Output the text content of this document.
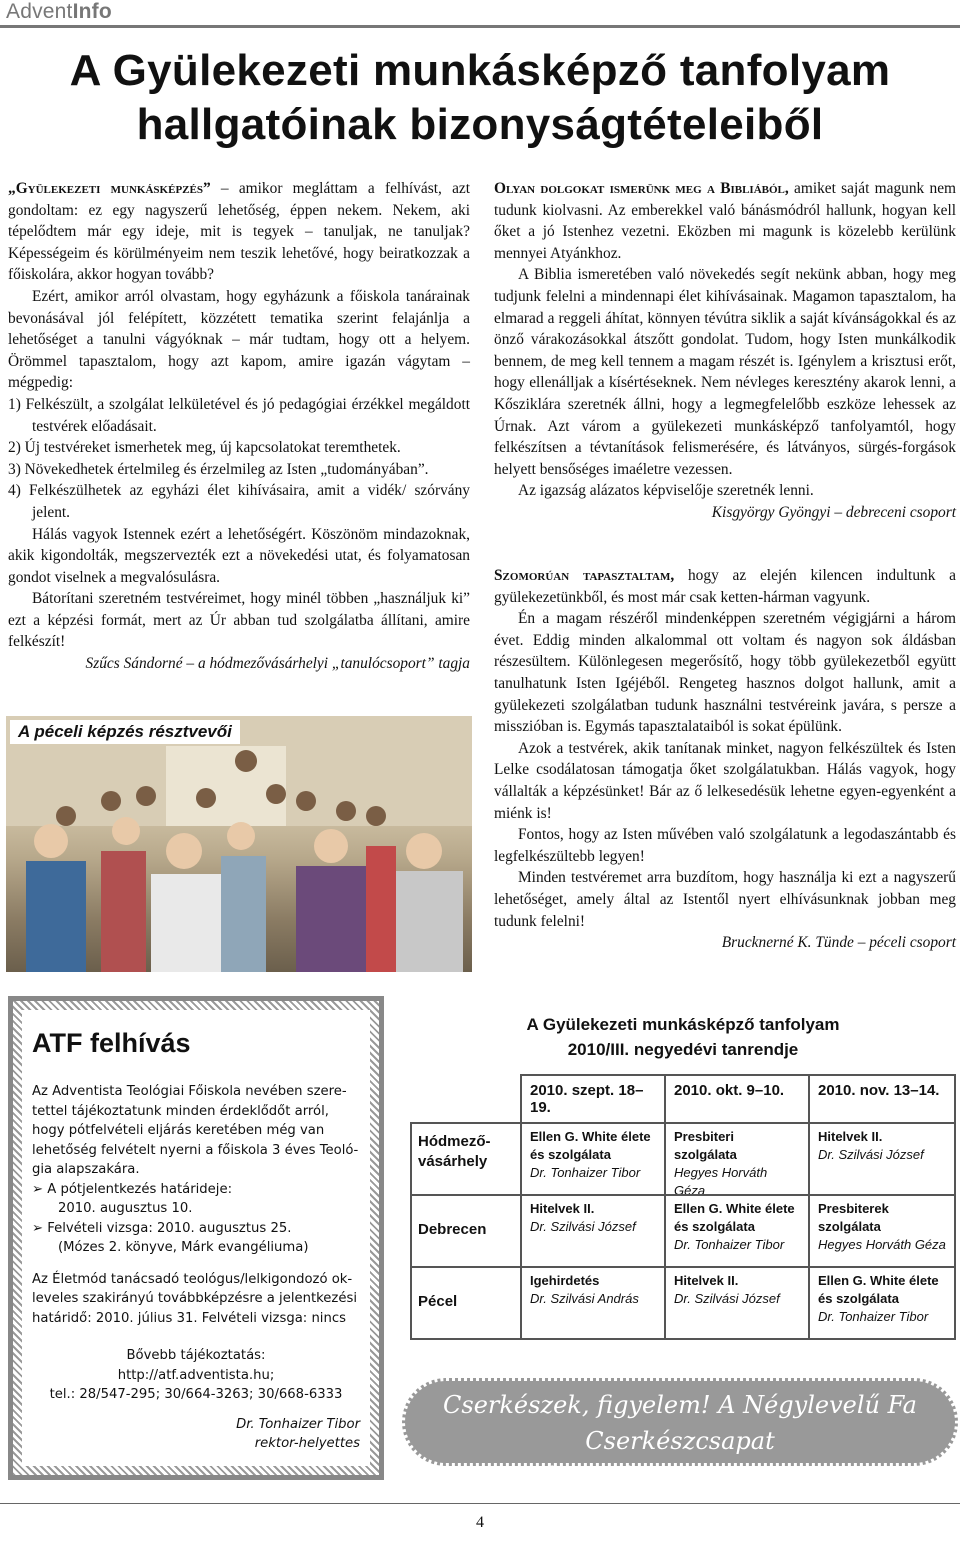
AdventInfo
A Gyülekezeti munkásképző tanfolyam
hallgatóinak bizonyságtételeiből

„Gyülekezeti munkásképzés” – amikor megláttam a felhívást, azt gondoltam: ez egy nagyszerű lehetőség, éppen nekem. Nekem, aki tépelődtem már egy ideje, mit is tegyek – tanuljak, ne tanuljak? Képességeim és körülményeim nem teszik lehetővé, hogy beiratkozzak a főiskolára, akkor hogyan tovább?

Ezért, amikor arról olvastam, hogy egyházunk a főiskola tanárainak bevonásával jól felépített, közzétett tematika szerint felajánlja a lehetőséget a tanulni vágyóknak – már tudtam, hogy ott a helyem. Örömmel tapasztalom, hogy azt kapom, amire igazán vágytam – mégpedig:

1) Felkészült, a szolgálat lelkületével és jó pedagógiai érzékkel megáldott testvérek előadásait.

2) Új testvéreket ismerhetek meg, új kapcsolatokat teremthetek.

3) Növekedhetek értelmileg és érzelmileg az Isten „tudományában”.

4) Felkészülhetek az egyházi élet kihívásaira, amit a vidék/ szórvány jelent.

Hálás vagyok Istennek ezért a lehetőségért. Köszönöm mindazoknak, akik kigondolták, megszervezték ezt a növekedési utat, és folyamatosan gondot viselnek a megvalósulásra.

Bátorítani szeretném testvéreimet, hogy minél többen „használjuk ki” ezt a képzési formát, mert az Úr abban tud szolgálatba állítani, amire felkészít!

Szűcs Sándorné – a hódmezővásárhelyi „tanulócsoport” tagja

A péceli képzés résztvevői

Olyan dolgokat ismerünk meg a Bibliából, amiket saját magunk nem tudunk kiolvasni. Az emberekkel való bánásmódról hallunk, hogyan kell őket a jó Istenhez vezetni. Eközben mi magunk is közelebb kerülünk mennyei Atyánkhoz.

A Biblia ismeretében való növekedés segít nekünk abban, hogy meg tudjunk felelni a mindennapi élet kihívásainak. Magamon tapasztalom, ha elmarad a reggeli áhítat, könnyen tévútra siklik a saját kívánságokkal és az önző várakozásokkal átszőtt gondolat. Tudom, hogy Isten munkálkodik bennem, de meg kell tennem a magam részét is. Igénylem a krisztusi erőt, hogy ellenálljak a kísértéseknek. Nem névleges keresztény akarok lenni, a Kősziklára szeretnék állni, hogy a legmegfelelőbb eszköze lehessek az Úrnak. Azt várom a gyülekezeti munkásképző tanfolyamtól, hogy felkészítsen a tévtanítások felismerésére, és látványos, sürgés-forgások helyett bensőséges imaéletre vezessen.

Az igazság alázatos képviselője szeretnék lenni.

Kisgyörgy Gyöngyi – debreceni csoport

Szomorúan tapasztaltam, hogy az elején kilencen indultunk a gyülekezetünkből, és most már csak ketten-hárman vagyunk.

Én a magam részéről mindenképpen szeretném végigjárni a három évet. Eddig minden alkalommal ott voltam és nagyon sok áldásban részesültem. Különlegesen megerősítő, hogy több gyülekezetből együtt tanulhatunk Isten Igéjéből. Rengeteg hasznos dolgot hallunk, amit a gyülekezeti szolgálatban tudunk használni testvéreink javára, s persze a misszióban is. Egymás tapasztalataiból is sokat épülünk.

Azok a testvérek, akik tanítanak minket, nagyon felkészültek és Isten Lelke csodálatosan támogatja őket szolgálatukban. Hálás vagyok, hogy vállalták a képzésünket! Bár az ő lelkesedésük lehetne egyen-egyenként a miénk is!

Fontos, hogy az Isten művében való szolgálatunk a legodaszántabb és legfelkészültebb legyen!

Minden testvéremet arra buzdítom, hogy használja ki ezt a nagyszerű lehetőséget, amely által az Istentől nyert elhívásunknak jobban meg tudunk felelni!

Brucknerné K. Tünde – péceli csoport

ATF felhívás

Az Adventista Teológiai Főiskola nevében szeretettel tájékoztatunk minden érdeklődőt arról, hogy pótfelvételi eljárás keretében még van lehetőség felvételt nyerni a főiskola 3 éves Teológia alapszakára.

➢ A pótjelentkezés határideje:

2010. augusztus 10.

➢ Felvételi vizsga: 2010. augusztus 25.

(Mózes 2. könyve, Márk evangéliuma)

Az Életmód tanácsadó teológus/lelkigondozó okleveles szakirányú továbbképzésre a jelentkezési határidő: 2010. július 31. Felvételi vizsga: nincs

Bővebb tájékoztatás:

http://atf.adventista.hu;

tel.: 28/547-295; 30/664-3263; 30/668-6333

Dr. Tonhaizer Tibor

rektor-helyettes

A Gyülekezeti munkásképző tanfolyam
2010/III. negyedévi tanrendje
2010. szept. 18–19.
2010. okt. 9–10.	2010. nov. 13–14.
Hódmező-vásárhely
Ellen G. White élete és szolgálata
Dr. Tonhaizer Tibor
Presbiteri szolgálata
Hegyes Horváth Géza
Hitelvek II.
Dr. Szilvási József
Debrecen
Hitelvek II.
Dr. Szilvási József
Ellen G. White élete és szolgálata
Dr. Tonhaizer Tibor
Presbiterek szolgálata
Hegyes Horváth Géza
Pécel
Igehirdetés
Dr. Szilvási András
Hitelvek II.
Dr. Szilvási József
Ellen G. White élete és szolgálata
Dr. Tonhaizer Tibor
Cserkészek, figyelem! A Négylevelű Fa Cserkészcsapat
új honlapjának címe: www.negylevelufa.hu
4
